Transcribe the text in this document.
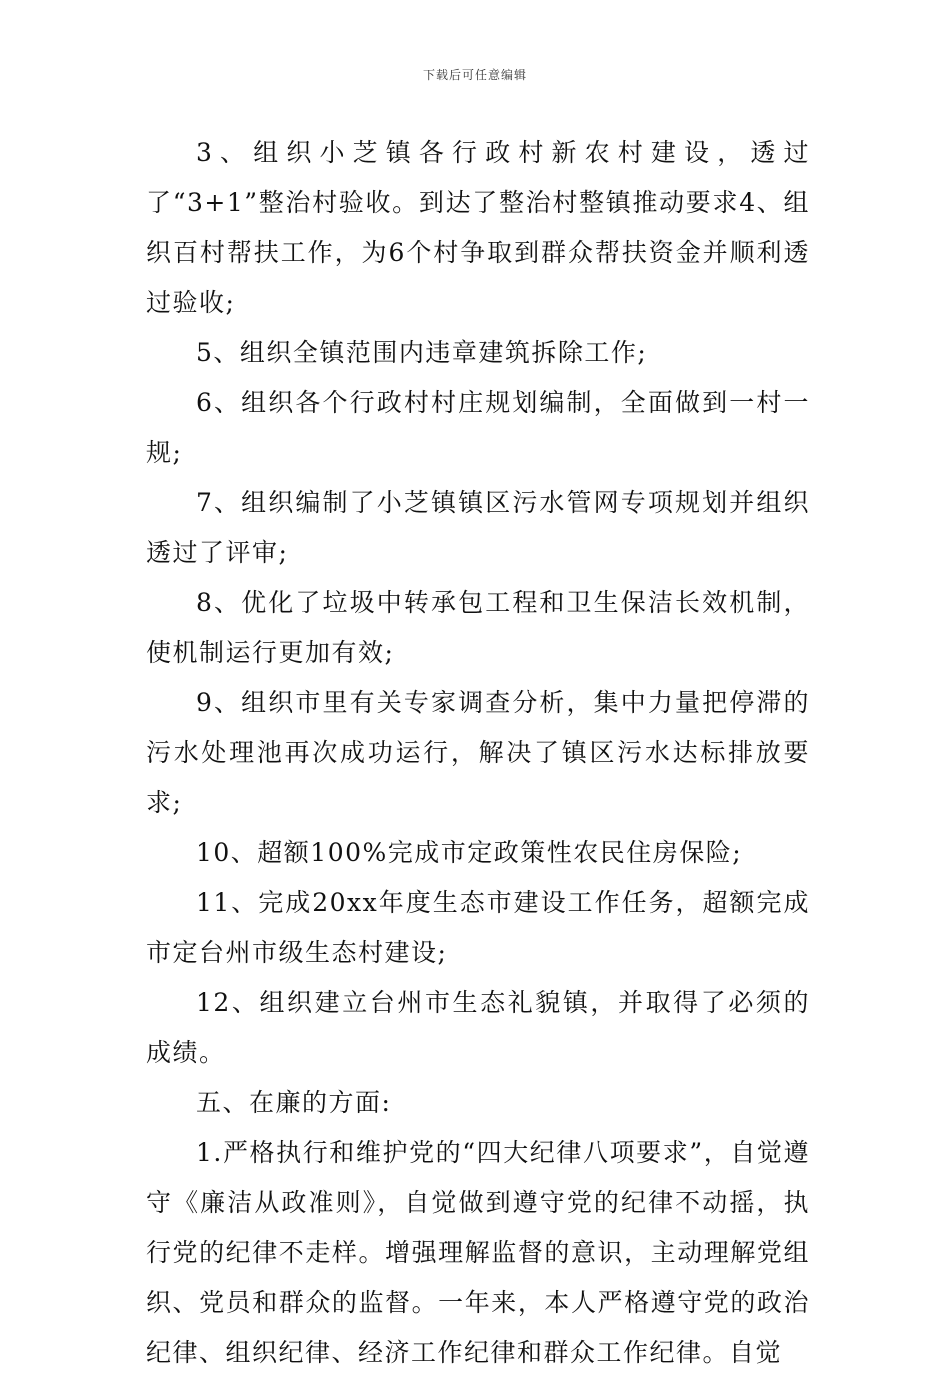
下载后可任意编辑

3、组织小芝镇各行政村新农村建设，透过了“3+1”整治村验收。到达了整治村整镇推动要求4、组织百村帮扶工作，为6个村争取到群众帮扶资金并顺利透过验收;

5、组织全镇范围内违章建筑拆除工作;

6、组织各个行政村村庄规划编制，全面做到一村一规;

7、组织编制了小芝镇镇区污水管网专项规划并组织透过了评审;

8、优化了垃圾中转承包工程和卫生保洁长效机制，使机制运行更加有效;

9、组织市里有关专家调查分析，集中力量把停滞的污水处理池再次成功运行，解决了镇区污水达标排放要求;

10、超额100%完成市定政策性农民住房保险;

11、完成20xx年度生态市建设工作任务，超额完成市定台州市级生态村建设;

12、组织建立台州市生态礼貌镇，并取得了必须的成绩。

五、在廉的方面:

1.严格执行和维护党的“四大纪律八项要求”，自觉遵守《廉洁从政准则》，自觉做到遵守党的纪律不动摇，执行党的纪律不走样。增强理解监督的意识，主动理解党组织、党员和群众的监督。一年来，本人严格遵守党的政治纪律、组织纪律、经济工作纪律和群众工作纪律。自觉
